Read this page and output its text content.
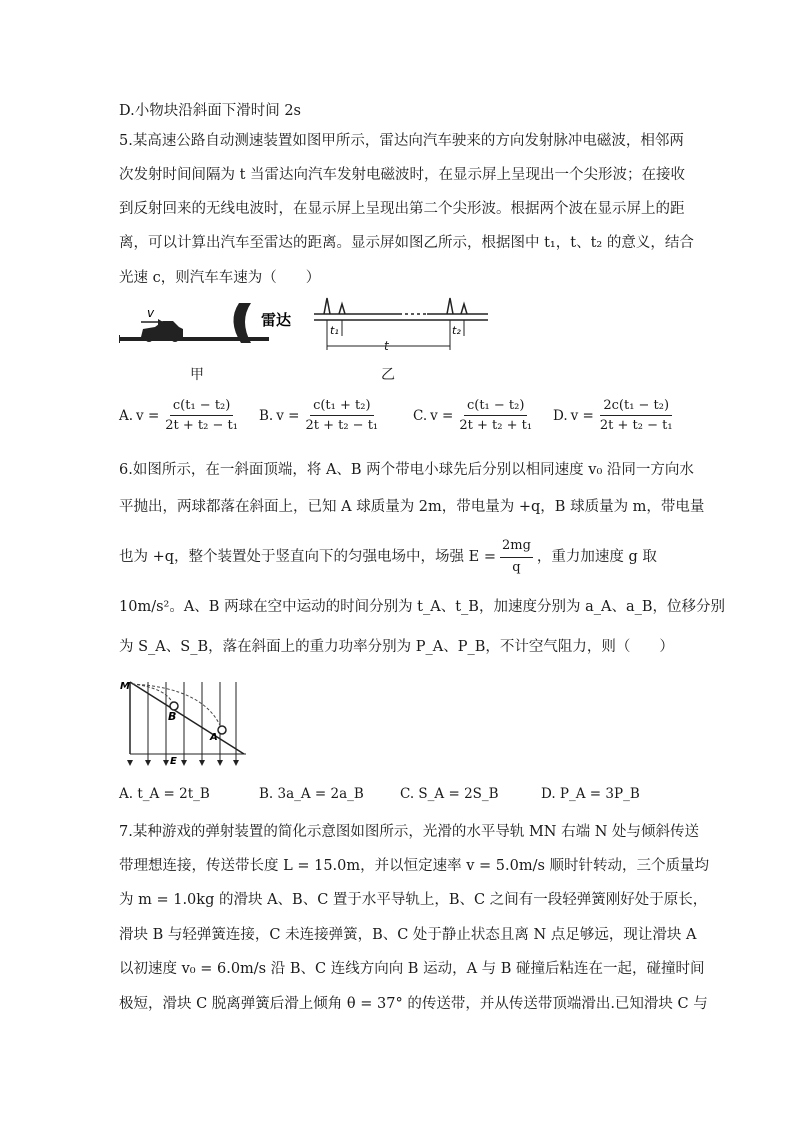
D.小物块沿斜面下滑时间 2s
5.某高速公路自动测速装置如图甲所示，雷达向汽车驶来的方向发射脉冲电磁波，相邻两
次发射时间间隔为 t 当雷达向汽车发射电磁波时，在显示屏上呈现出一个尖形波；在接收
到反射回来的无线电波时，在显示屏上呈现出第二个尖形波。根据两个波在显示屏上的距
离，可以计算出汽车至雷达的距离。显示屏如图乙所示，根据图中 t₁，t、t₂ 的意义，结合
光速 c，则汽车车速为（　　）
v	雷达
t₁	t₂
t
甲	乙
A. $v = \frac{\text{c(t₁ − t₂)}}{\text{2t + t₂ − t₁}} B$. $v = \frac{\text{c(t₁ + t₂)}}{\text{2t + t₂ − t₁}}$	C. $v = \frac{\text{c(t₁ − t₂)}}{\text{2t + t₂ + t₁}} D$. $v = \frac{\text{2c(t₁ − t₂)}}{\text{2t + t₂ − t₁}}$
6.如图所示，在一斜面顶端，将 A、B 两个带电小球先后分别以相同速度 v₀ 沿同一方向水
平抛出，两球都落在斜面上，已知 A 球质量为 2m，带电量为 +q，B 球质量为 m，带电量
也为 +q，整个装置处于竖直向下的匀强电场中，场强 $E = \frac{2mg}{q}$ ，重力加速度 g 取
10m/s²。A、B 两球在空中运动的时间分别为 t_A、t_B，加速度分别为 a_A、a_B，位移分别
为 S_A、S_B，落在斜面上的重力功率分别为 P_A、P_B，不计空气阻力，则（　　）
M
B
A
E
A. t_A = 2t_B	B. 3a_A = 2a_B	C. S_A = 2S_B	D. P_A = 3P_B
7.某种游戏的弹射装置的简化示意图如图所示，光滑的水平导轨 MN 右端 N 处与倾斜传送
带理想连接，传送带长度 L = 15.0m，并以恒定速率 v = 5.0m/s 顺时针转动，三个质量均
为 m = 1.0kg 的滑块 A、B、C 置于水平导轨上，B、C 之间有一段轻弹簧刚好处于原长，
滑块 B 与轻弹簧连接，C 未连接弹簧，B、C 处于静止状态且离 N 点足够远，现让滑块 A
以初速度 v₀ = 6.0m/s 沿 B、C 连线方向向 B 运动，A 与 B 碰撞后粘连在一起，碰撞时间
极短，滑块 C 脱离弹簧后滑上倾角 θ = 37° 的传送带，并从传送带顶端滑出.已知滑块 C 与
